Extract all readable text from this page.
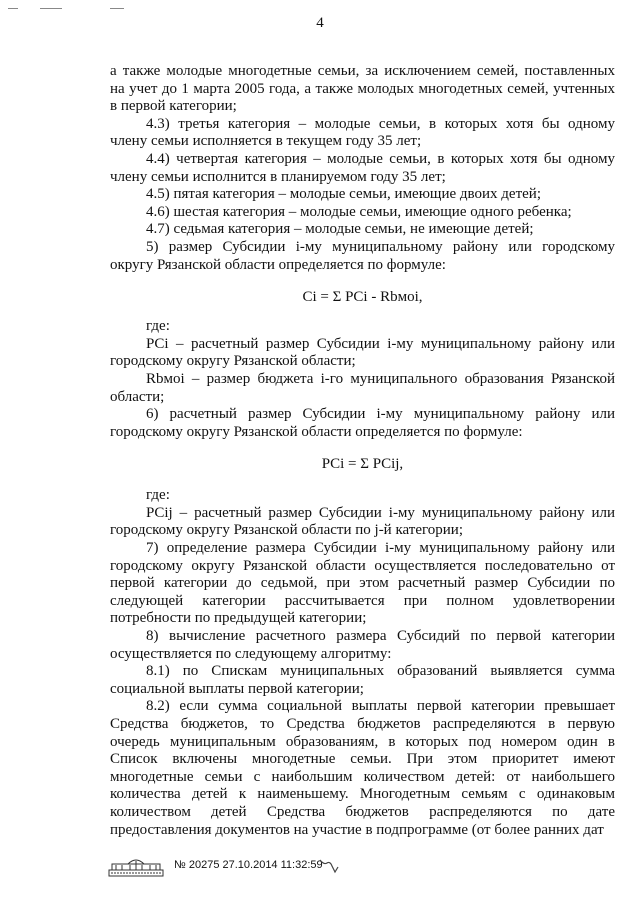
4
а также молодые многодетные семьи, за исключением семей, поставленных
на учет до 1 марта 2005 года, а также молодых многодетных семей, учтенных
в первой категории;
4.3) третья категория – молодые семьи, в которых хотя бы одному
члену семьи исполняется в текущем году 35 лет;
4.4) четвертая категория – молодые семьи, в которых хотя бы одному
члену семьи исполнится в планируемом году 35 лет;
4.5) пятая категория – молодые семьи, имеющие двоих детей;
4.6) шестая категория – молодые семьи, имеющие одного ребенка;
4.7) седьмая категория – молодые семьи, не имеющие детей;
5) размер Субсидии i-му муниципальному району или городскому
округу Рязанской области определяется по формуле:
Ci = Σ PCi - Rbмoi,
где:
PCi – расчетный размер Субсидии i-му муниципальному району или
городскому округу Рязанской области;
Rbмoi – размер бюджета i-го муниципального образования Рязанской
области;
6) расчетный размер Субсидии i-му муниципальному району или
городскому округу Рязанской области определяется по формуле:
PCi = Σ PCij,
где:
PCij – расчетный размер Субсидии i-му муниципальному району или
городскому округу Рязанской области по j-й категории;
7) определение размера Субсидии i-му муниципальному району или
городскому округу Рязанской области осуществляется последовательно от
первой категории до седьмой, при этом расчетный размер Субсидии по
следующей категории рассчитывается при полном удовлетворении
потребности по предыдущей категории;
8) вычисление расчетного размера Субсидий по первой категории
осуществляется по следующему алгоритму:
8.1) по Спискам муниципальных образований выявляется сумма
социальной выплаты первой категории;
8.2) если сумма социальной выплаты первой категории превышает
Средства бюджетов, то Средства бюджетов распределяются в первую
очередь муниципальным образованиям, в которых под номером один в
Список включены многодетные семьи. При этом приоритет имеют
многодетные семьи с наибольшим количеством детей: от наибольшего
количества детей к наименьшему. Многодетным семьям с одинаковым
количеством детей Средства бюджетов распределяются по дате
предоставления документов на участие в подпрограмме (от более ранних дат
№ 20275 27.10.2014 11:32:59
